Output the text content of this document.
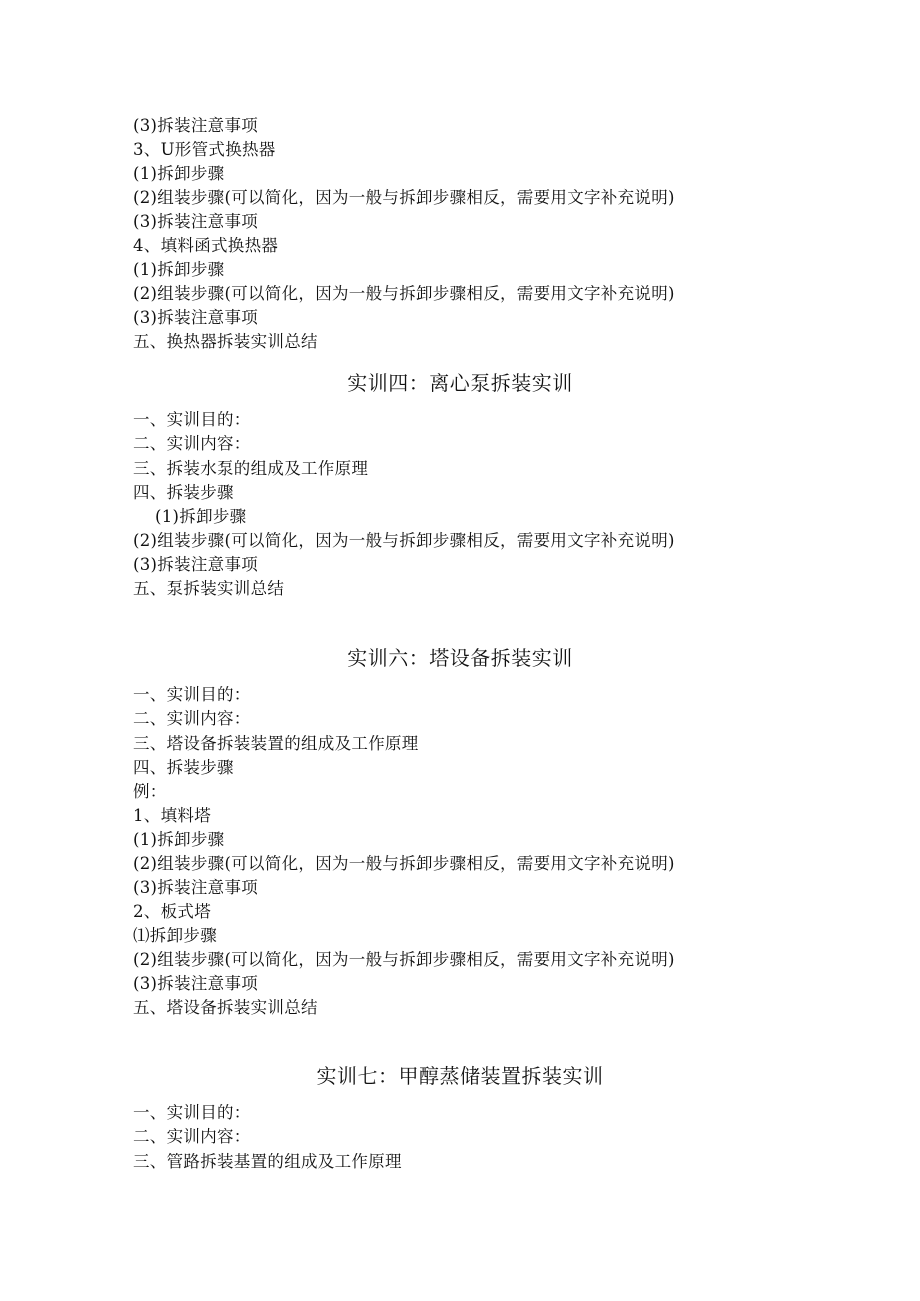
(3)拆装注意事项
3、U形管式换热器
(1)拆卸步骤
(2)组装步骤(可以简化，因为一般与拆卸步骤相反，需要用文字补充说明)
(3)拆装注意事项
4、填料函式换热器
(1)拆卸步骤
(2)组装步骤(可以简化，因为一般与拆卸步骤相反，需要用文字补充说明)
(3)拆装注意事项
五、换热器拆装实训总结
实训四：离心泵拆装实训
一、实训目的：
二、实训内容：
三、拆装水泵的组成及工作原理
四、拆装步骤
(1)拆卸步骤
(2)组装步骤(可以简化，因为一般与拆卸步骤相反，需要用文字补充说明)
(3)拆装注意事项
五、泵拆装实训总结
实训六：塔设备拆装实训
一、实训目的：
二、实训内容：
三、塔设备拆装装置的组成及工作原理
四、拆装步骤
例：
1、填料塔
(1)拆卸步骤
(2)组装步骤(可以简化，因为一般与拆卸步骤相反，需要用文字补充说明)
(3)拆装注意事项
2、板式塔
⑴拆卸步骤
(2)组装步骤(可以简化，因为一般与拆卸步骤相反，需要用文字补充说明)
(3)拆装注意事项
五、塔设备拆装实训总结
实训七：甲醇蒸储装置拆装实训
一、实训目的：
二、实训内容：
三、管路拆装基置的组成及工作原理
